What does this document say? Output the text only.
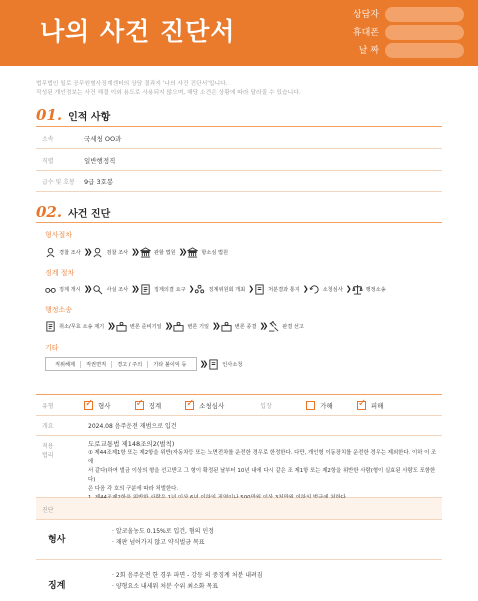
나의 사건 진단서
상담자
휴대폰
날 짜
법무법인 일로 공무원형사징계센터의 상담 결과지 '나의 사건 진단서'입니다.
작성된 개인정보는 사건 해결 이외 용도로 사용되지 않으며, 해당 소견은 상황에 따라 달라질 수 있습니다.
01. 인적 사항
소속	국세청 OO과
직렬	일반행정직
급수 및 호봉	9급 3호봉
02. 사건 진단
형사절차
경찰 조사 ❯❯	검찰 조사 ❯❯	관할 법원 ❯❯	항소심 법원
징계 절차
징계 개시 ❯❯	사실 조사 ❯❯	징계의결 요구 ❯	징계위원회 개최 ❯	처분결과 통지 ❯	소청심사 ❯	행정소송
행정소송
취소/무효 소송 제기 ❯❯	변론 준비기일 ❯❯	변론 기일 ❯❯	변론 종결 ❯❯	판결 선고
기타
직위해제	직권면직	경고 / 주의	기타 불이익 등	❯❯	인사소청
유형 ✓	형사 ✓	징계 ✓	소청심사	입장	가해 ✓	피해
개요	2024.08 음주운전 재범으로 입건
적용
법리
도로교통법 제148조의2(벌칙)
① 제44조제1항 또는 제2항을 위반(자동차등 또는 노면전차를 운전한 경우로 한정한다. 다만, 개인형 이동장치를 운전한 경우는 제외한다. 이하 이 조에
서 같다)하여 벌금 이상의 형을 선고받고 그 형이 확정된 날부터 10년 내에 다시 같은 조 제1항 또는 제2항을 위반한 사람(형이 실효된 사람도 포함한다)
은 다음 각 호의 구분에 따라 처벌한다.
진단
형사
· 알코올농도 0.15%로 입건, 혐의 인정
· 재판 넘어가지 않고 약식벌금 목표
징계
· 2회 음주운전 한 경우 파면 - 강등 의 중징계 처분 내려짐
· 양형요소 내세워 처분 수위 최소화 목표
